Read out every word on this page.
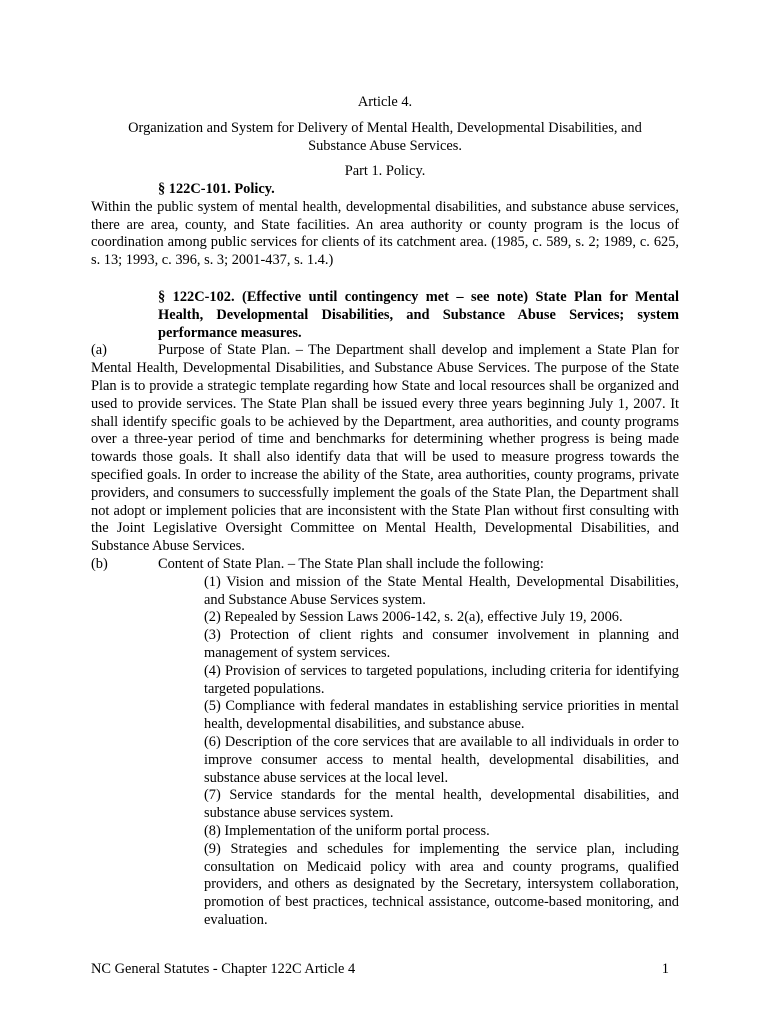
Article 4.

Organization and System for Delivery of Mental Health, Developmental Disabilities, and

Substance Abuse Services.

Part 1. Policy.

§ 122C-101. Policy.

Within the public system of mental health, developmental disabilities, and substance abuse services, there are area, county, and State facilities. An area authority or county program is the locus of coordination among public services for clients of its catchment area. (1985, c. 589, s. 2; 1989, c. 625, s. 13; 1993, c. 396, s. 3; 2001-437, s. 1.4.)

§ 122C-102. (Effective until contingency met – see note) State Plan for Mental Health, Developmental Disabilities, and Substance Abuse Services; system performance measures.

(a)	Purpose of State Plan. – The Department shall develop and implement a State Plan for Mental Health, Developmental Disabilities, and Substance Abuse Services. The purpose of the State Plan is to provide a strategic template regarding how State and local resources shall be organized and used to provide services. The State Plan shall be issued every three years beginning July 1, 2007. It shall identify specific goals to be achieved by the Department, area authorities, and county programs over a three-year period of time and benchmarks for determining whether progress is being made towards those goals. It shall also identify data that will be used to measure progress towards the specified goals. In order to increase the ability of the State, area authorities, county programs, private providers, and consumers to successfully implement the goals of the State Plan, the Department shall not adopt or implement policies that are inconsistent with the State Plan without first consulting with the Joint Legislative Oversight Committee on Mental Health, Developmental Disabilities, and Substance Abuse Services.

(b)	Content of State Plan. – The State Plan shall include the following:

(1) Vision and mission of the State Mental Health, Developmental Disabilities, and Substance Abuse Services system.

(2) Repealed by Session Laws 2006-142, s. 2(a), effective July 19, 2006.

(3) Protection of client rights and consumer involvement in planning and management of system services.

(4) Provision of services to targeted populations, including criteria for identifying targeted populations.

(5) Compliance with federal mandates in establishing service priorities in mental health, developmental disabilities, and substance abuse.

(6) Description of the core services that are available to all individuals in order to improve consumer access to mental health, developmental disabilities, and substance abuse services at the local level.

(7) Service standards for the mental health, developmental disabilities, and substance abuse services system.

(8) Implementation of the uniform portal process.

(9) Strategies and schedules for implementing the service plan, including consultation on Medicaid policy with area and county programs, qualified providers, and others as designated by the Secretary, intersystem collaboration, promotion of best practices, technical assistance, outcome-based monitoring, and evaluation.

NC General Statutes - Chapter 122C Article 4	1
